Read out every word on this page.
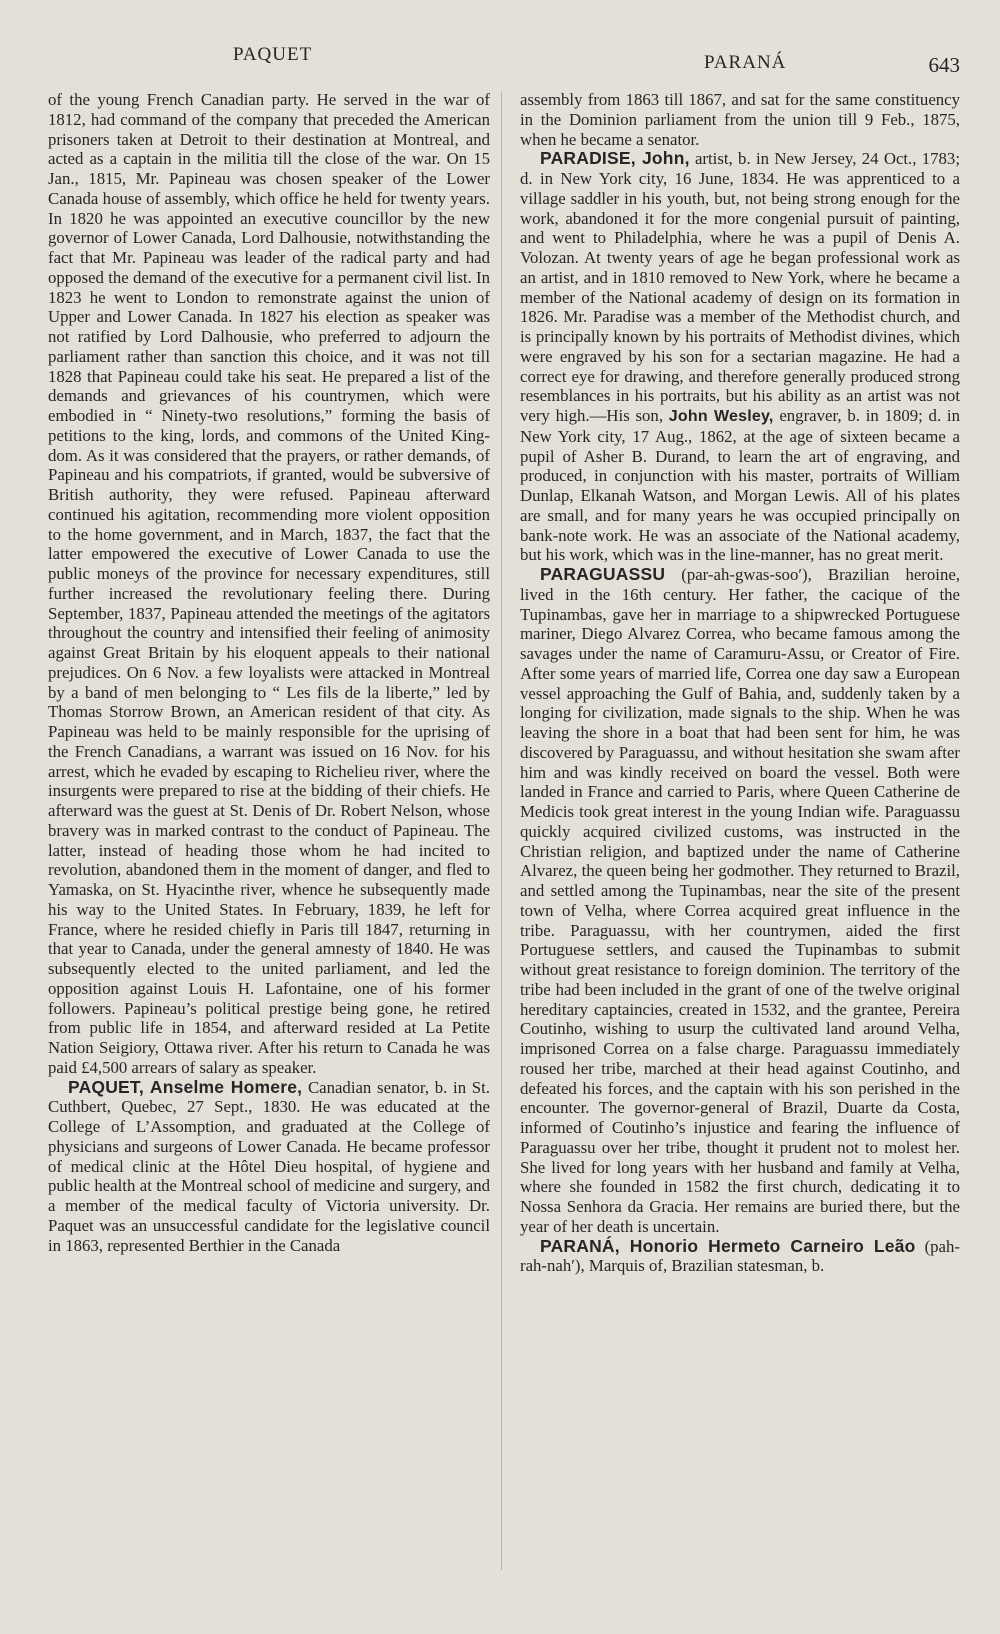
PAQUET	PARANÁ	643

of the young French Canadian party. He served in the war of 1812, had command of the company that preceded the American prisoners taken at Detroit to their destination at Montreal, and acted as a captain in the militia till the close of the war. On 15 Jan., 1815, Mr. Papineau was chosen speaker of the Lower Canada house of assembly, which office he held for twenty years. In 1820 he was appointed an executive councillor by the new governor of Lower Canada, Lord Dalhousie, notwithstanding the fact that Mr. Papineau was leader of the radical party and had opposed the demand of the executive for a permanent civil list. In 1823 he went to London to remonstrate against the union of Upper and Lower Canada. In 1827 his election as speaker was not ratified by Lord Dalhousie, who preferred to adjourn the parliament rather than sanction this choice, and it was not till 1828 that Papineau could take his seat. He prepared a list of the demands and grievances of his countrymen, which were embodied in “ Ninety-two resolutions,” forming the basis of petitions to the king, lords, and commons of the United Kingdom. As it was considered that the prayers, or rather demands, of Papineau and his compatriots, if granted, would be subversive of British authority, they were refused. Papineau afterward continued his agitation, recommending more violent opposition to the home government, and in March, 1837, the fact that the latter empowered the executive of Lower Canada to use the public moneys of the province for necessary expenditures, still further increased the revolutionary feeling there. During September, 1837, Papineau attended the meetings of the agitators throughout the country and intensified their feeling of animosity against Great Britain by his eloquent appeals to their national prejudices. On 6 Nov. a few loyalists were attacked in Montreal by a band of men belonging to “ Les fils de la liberte,” led by Thomas Storrow Brown, an American resident of that city. As Papineau was held to be mainly responsible for the uprising of the French Canadians, a warrant was issued on 16 Nov. for his arrest, which he evaded by escaping to Richelieu river, where the insurgents were prepared to rise at the bidding of their chiefs. He afterward was the guest at St. Denis of Dr. Robert Nelson, whose bravery was in marked contrast to the conduct of Papineau. The latter, instead of heading those whom he had incited to revolution, abandoned them in the moment of danger, and fled to Yamaska, on St. Hyacinthe river, whence he subsequently made his way to the United States. In February, 1839, he left for France, where he resided chiefly in Paris till 1847, returning in that year to Canada, under the general amnesty of 1840. He was subsequently elected to the united parliament, and led the opposition against Louis H. Lafontaine, one of his former followers. Papineau’s political prestige being gone, he retired from public life in 1854, and afterward resided at La Petite Nation Seigiory, Ottawa river. After his return to Canada he was paid £4,500 arrears of salary as speaker.

PAQUET, Anselme Homere, Canadian senator, b. in St. Cuthbert, Quebec, 27 Sept., 1830. He was educated at the College of L’Assomption, and graduated at the College of physicians and surgeons of Lower Canada. He became professor of medical clinic at the Hôtel Dieu hospital, of hygiene and public health at the Montreal school of medicine and surgery, and a member of the medical faculty of Victoria university. Dr. Paquet was an unsuccessful candidate for the legislative council in 1863, represented Berthier in the Canada

assembly from 1863 till 1867, and sat for the same constituency in the Dominion parliament from the union till 9 Feb., 1875, when he became a senator.

PARADISE, John, artist, b. in New Jersey, 24 Oct., 1783; d. in New York city, 16 June, 1834. He was apprenticed to a village saddler in his youth, but, not being strong enough for the work, abandoned it for the more congenial pursuit of painting, and went to Philadelphia, where he was a pupil of Denis A. Volozan. At twenty years of age he began professional work as an artist, and in 1810 removed to New York, where he became a member of the National academy of design on its formation in 1826. Mr. Paradise was a member of the Methodist church, and is principally known by his portraits of Methodist divines, which were engraved by his son for a sectarian magazine. He had a correct eye for drawing, and therefore generally produced strong resemblances in his portraits, but his ability as an artist was not very high.—His son, John Wesley, engraver, b. in 1809; d. in New York city, 17 Aug., 1862, at the age of sixteen became a pupil of Asher B. Durand, to learn the art of engraving, and produced, in conjunction with his master, portraits of William Dunlap, Elkanah Watson, and Morgan Lewis. All of his plates are small, and for many years he was occupied principally on bank-note work. He was an associate of the National academy, but his work, which was in the line-manner, has no great merit.

PARAGUASSU (par-ah-gwas-soo′), Brazilian heroine, lived in the 16th century. Her father, the cacique of the Tupinambas, gave her in marriage to a shipwrecked Portuguese mariner, Diego Alvarez Correa, who became famous among the savages under the name of Caramuru-Assu, or Creator of Fire. After some years of married life, Correa one day saw a European vessel approaching the Gulf of Bahia, and, suddenly taken by a longing for civilization, made signals to the ship. When he was leaving the shore in a boat that had been sent for him, he was discovered by Paraguassu, and without hesitation she swam after him and was kindly received on board the vessel. Both were landed in France and carried to Paris, where Queen Catherine de Medicis took great interest in the young Indian wife. Paraguassu quickly acquired civilized customs, was instructed in the Christian religion, and baptized under the name of Catherine Alvarez, the queen being her godmother. They returned to Brazil, and settled among the Tupinambas, near the site of the present town of Velha, where Correa acquired great influence in the tribe. Paraguassu, with her countrymen, aided the first Portuguese settlers, and caused the Tupinambas to submit without great resistance to foreign dominion. The territory of the tribe had been included in the grant of one of the twelve original hereditary captaincies, created in 1532, and the grantee, Pereira Coutinho, wishing to usurp the cultivated land around Velha, imprisoned Correa on a false charge. Paraguassu immediately roused her tribe, marched at their head against Coutinho, and defeated his forces, and the captain with his son perished in the encounter. The governor-general of Brazil, Duarte da Costa, informed of Coutinho’s injustice and fearing the influence of Paraguassu over her tribe, thought it prudent not to molest her. She lived for long years with her husband and family at Velha, where she founded in 1582 the first church, dedicating it to Nossa Senhora da Gracia. Her remains are buried there, but the year of her death is uncertain.

PARANÁ, Honorio Hermeto Carneiro Leão (pah-rah-nah′), Marquis of, Brazilian statesman, b.
